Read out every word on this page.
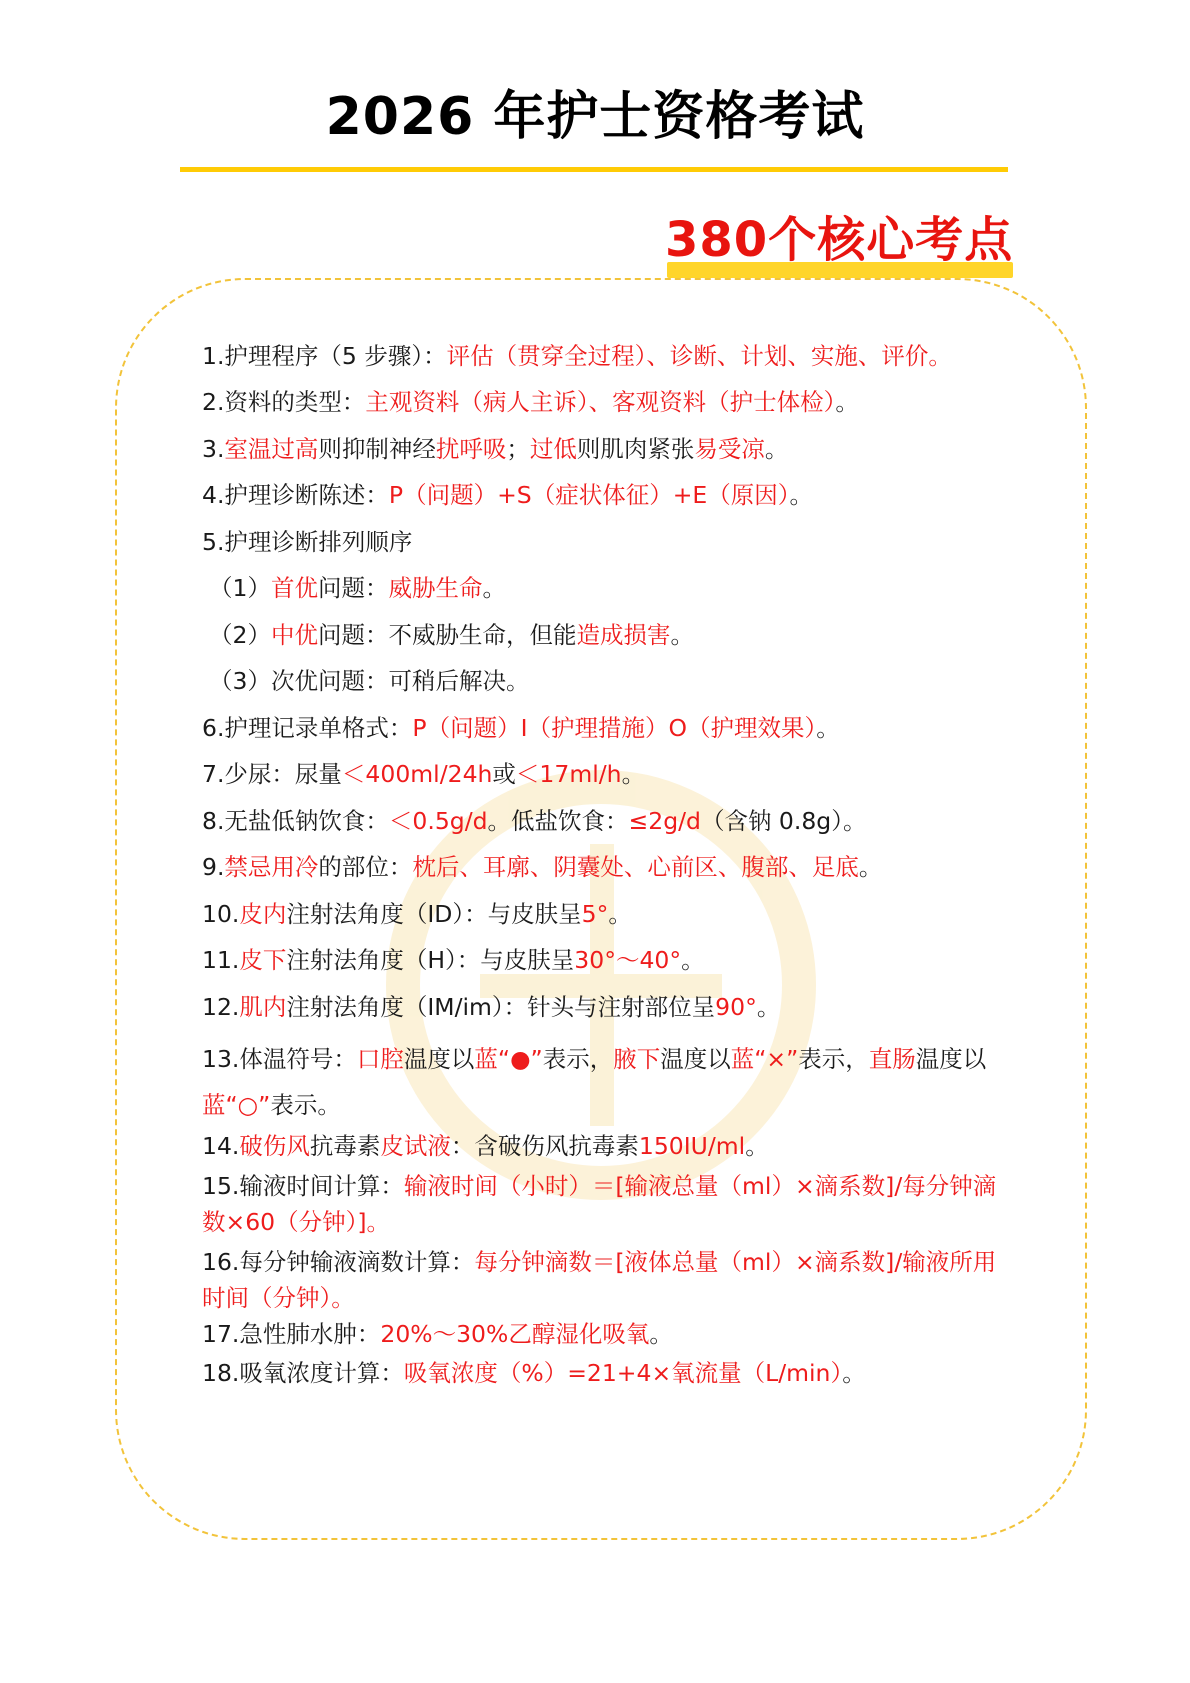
2026 年护士资格考试
380个核心考点
1.护理程序（5 步骤）：评估（贯穿全过程）、诊断、计划、实施、评价。
2.资料的类型：主观资料（病人主诉）、客观资料（护士体检）。
3.室温过高则抑制神经扰呼吸；过低则肌肉紧张易受凉。
4.护理诊断陈述：P（问题）+S（症状体征）+E（原因）。
5.护理诊断排列顺序
（1）首优问题：威胁生命。
（2）中优问题：不威胁生命，但能造成损害。
（3）次优问题：可稍后解决。
6.护理记录单格式：P（问题）I（护理措施）O（护理效果）。
7.少尿：尿量＜400ml/24h或＜17ml/h。
8.无盐低钠饮食：＜0.5g/d。低盐饮食：≤2g/d（含钠 0.8g）。
9.禁忌用冷的部位：枕后、耳廓、阴囊处、心前区、腹部、足底。
10.皮内注射法角度（ID）：与皮肤呈5°。
11.皮下注射法角度（H）：与皮肤呈30°～40°。
12.肌内注射法角度（IM/im）：针头与注射部位呈90°。
13.体温符号：口腔温度以蓝“●”表示，腋下温度以蓝“×”表示，直肠温度以蓝“○”表示。
14.破伤风抗毒素皮试液：含破伤风抗毒素150IU/ml。
15.输液时间计算：输液时间（小时）＝[输液总量（ml）×滴系数]/每分钟滴数×60（分钟）]。
16.每分钟输液滴数计算：每分钟滴数＝[液体总量（ml）×滴系数]/输液所用时间（分钟）。
17.急性肺水肿：20%～30%乙醇湿化吸氧。
18.吸氧浓度计算：吸氧浓度（%）=21+4×氧流量（L/min）。
